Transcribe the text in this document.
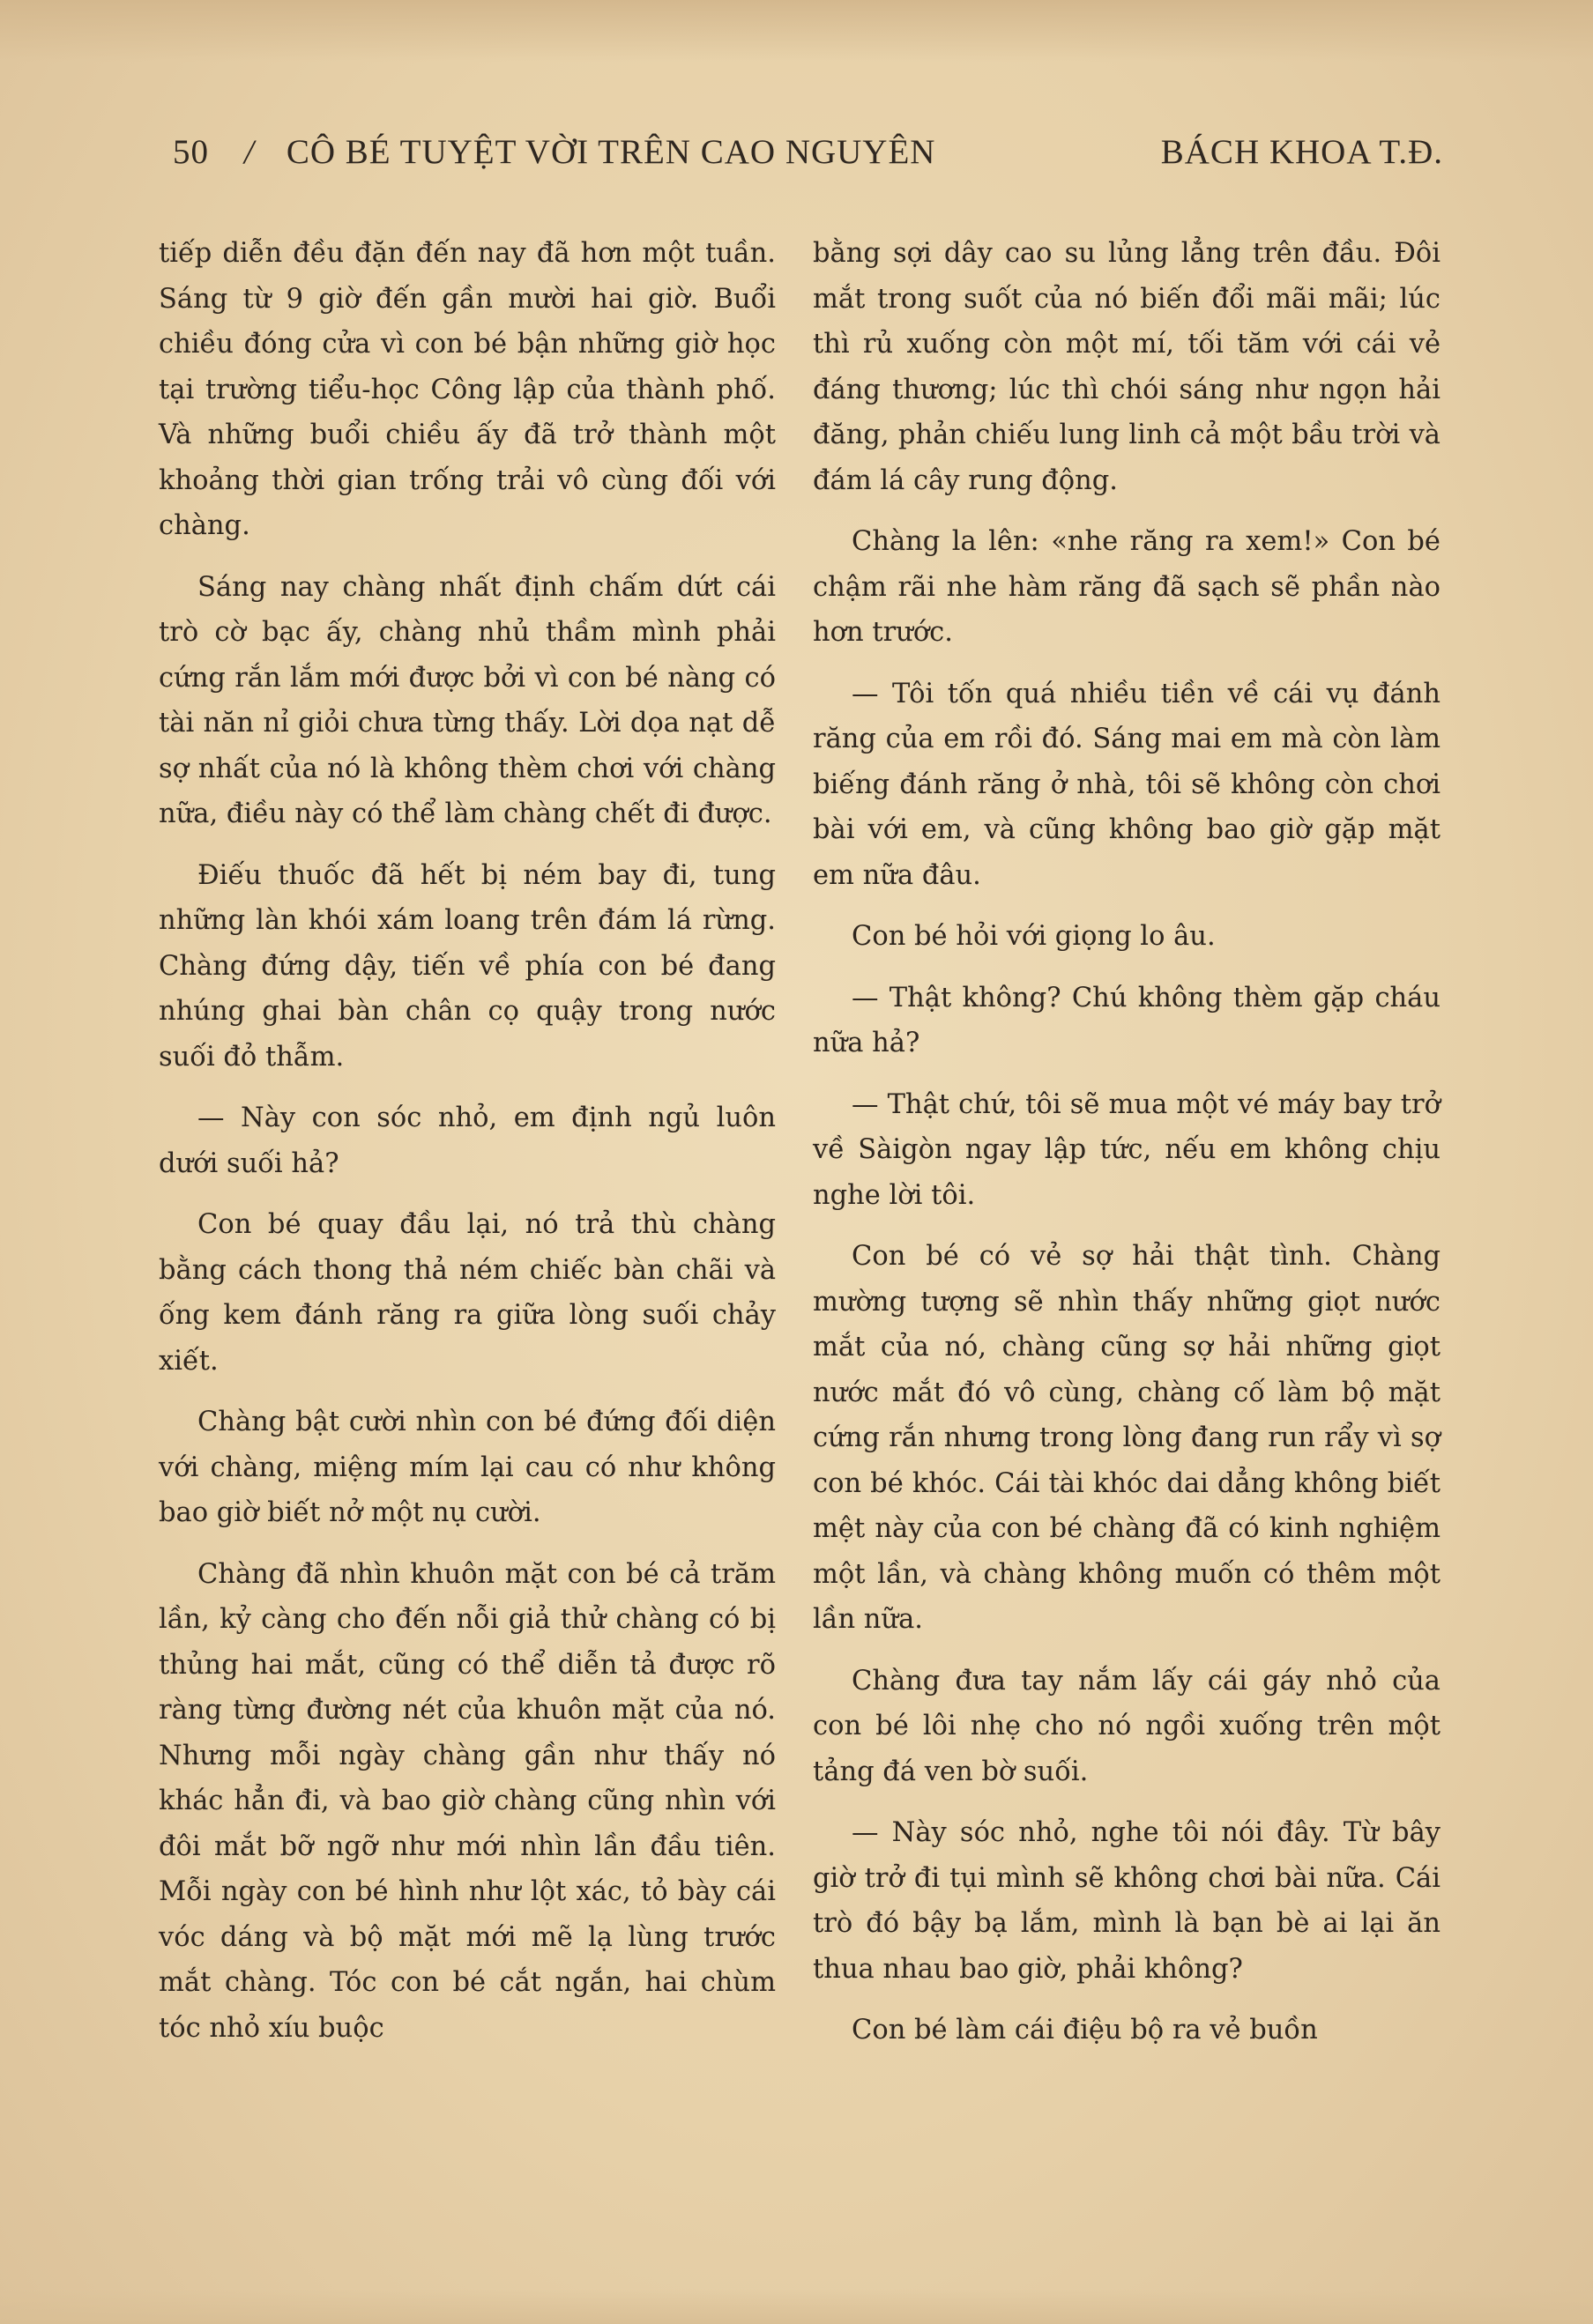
50 / CÔ BÉ TUYỆT VỜI TRÊN CAO NGUYÊN	BÁCH KHOA T.Đ.

tiếp diễn đều đặn đến nay đã hơn một tuần. Sáng từ 9 giờ đến gần mười hai giờ. Buổi chiều đóng cửa vì con bé bận những giờ học tại trường tiểu-học Công lập của thành phố. Và những buổi chiều ấy đã trở thành một khoảng thời gian trống trải vô cùng đối với chàng.

Sáng nay chàng nhất định chấm dứt cái trò cờ bạc ấy, chàng nhủ thầm mình phải cứng rắn lắm mới được bởi vì con bé nàng có tài năn nỉ giỏi chưa từng thấy. Lời dọa nạt dễ sợ nhất của nó là không thèm chơi với chàng nữa, điều này có thể làm chàng chết đi được.

Điếu thuốc đã hết bị ném bay đi, tung những làn khói xám loang trên đám lá rừng. Chàng đứng dậy, tiến về phía con bé đang nhúng ghai bàn chân cọ quậy trong nước suối đỏ thẫm.

— Này con sóc nhỏ, em định ngủ luôn dưới suối hả?

Con bé quay đầu lại, nó trả thù chàng bằng cách thong thả ném chiếc bàn chãi và ống kem đánh răng ra giữa lòng suối chảy xiết.

Chàng bật cười nhìn con bé đứng đối diện với chàng, miệng mím lại cau có như không bao giờ biết nở một nụ cười.

Chàng đã nhìn khuôn mặt con bé cả trăm lần, kỷ càng cho đến nỗi giả thử chàng có bị thủng hai mắt, cũng có thể diễn tả được rõ ràng từng đường nét của khuôn mặt của nó. Nhưng mỗi ngày chàng gần như thấy nó khác hẳn đi, và bao giờ chàng cũng nhìn với đôi mắt bỡ ngỡ như mới nhìn lần đầu tiên. Mỗi ngày con bé hình như lột xác, tỏ bày cái vóc dáng và bộ mặt mới mẽ lạ lùng trước mắt chàng. Tóc con bé cắt ngắn, hai chùm tóc nhỏ xíu buộc

bằng sợi dây cao su lủng lẳng trên đầu. Đôi mắt trong suốt của nó biến đổi mãi mãi; lúc thì rủ xuống còn một mí, tối tăm với cái vẻ đáng thương; lúc thì chói sáng như ngọn hải đăng, phản chiếu lung linh cả một bầu trời và đám lá cây rung động.

Chàng la lên: «nhe răng ra xem!» Con bé chậm rãi nhe hàm răng đã sạch sẽ phần nào hơn trước.

— Tôi tốn quá nhiều tiền về cái vụ đánh răng của em rồi đó. Sáng mai em mà còn làm biếng đánh răng ở nhà, tôi sẽ không còn chơi bài với em, và cũng không bao giờ gặp mặt em nữa đâu.

Con bé hỏi với giọng lo âu.

— Thật không? Chú không thèm gặp cháu nữa hả?

— Thật chứ, tôi sẽ mua một vé máy bay trở về Sàigòn ngay lập tức, nếu em không chịu nghe lời tôi.

Con bé có vẻ sợ hải thật tình. Chàng mường tượng sẽ nhìn thấy những giọt nước mắt của nó, chàng cũng sợ hải những giọt nước mắt đó vô cùng, chàng cố làm bộ mặt cứng rắn nhưng trong lòng đang run rẩy vì sợ con bé khóc. Cái tài khóc dai dẳng không biết mệt này của con bé chàng đã có kinh nghiệm một lần, và chàng không muốn có thêm một lần nữa.

Chàng đưa tay nắm lấy cái gáy nhỏ của con bé lôi nhẹ cho nó ngồi xuống trên một tảng đá ven bờ suối.

— Này sóc nhỏ, nghe tôi nói đây. Từ bây giờ trở đi tụi mình sẽ không chơi bài nữa. Cái trò đó bậy bạ lắm, mình là bạn bè ai lại ăn thua nhau bao giờ, phải không?

Con bé làm cái điệu bộ ra vẻ buồn
